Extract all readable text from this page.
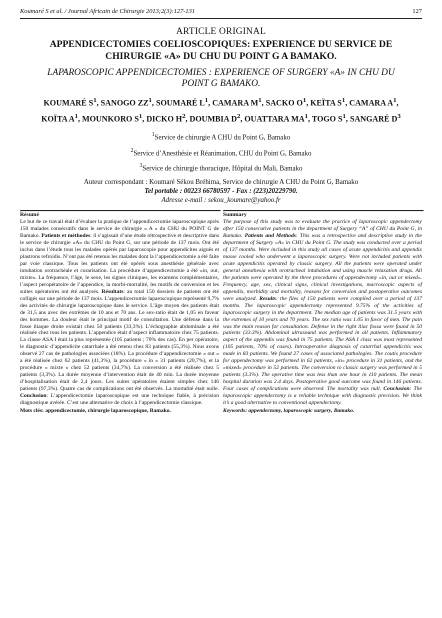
Koumaré S et al. / Journal Africain de Chirurgie 2013;2(3):127-131	127
ARTICLE ORIGINAL
APPENDICECTOMIES COELIOSCOPIQUES: EXPERIENCE DU SERVICE DE CHIRURGIE «A» DU CHU DU POINT G A BAMAKO.
LAPAROSCOPIC APPENDICECTOMIES : EXPERIENCE OF SURGERY «A» IN CHU DU POINT G BAMAKO.
KOUMARÉ $S^1$, SANOGO $ZZ^1$, SOUMARÉ $L^1$, CAMARA $M^1$, SACKO $O^1$, KEÏTA $S^1$, CAMARA $A^1$, KOÏTA $A^1$, MOUNKORO $S^1$, DICKO $H^2$, DOUMBIA $D^2$, OUATTARA $MA^1$, TOGO $S^1$, SANGARÉ $D^3$
$^1$Service de chirurgie A CHU du Point G, Bamako
$^2$Service d’Anesthésie et Réanimation, CHU du Point G, Bamako
$^3$Service de chirurgie thoracique, Hôpital du Mali, Bamako
Auteur correspondant : Koumaré Sékou Bréhima, Service de chirurgie A CHU du Point G, Bamako
Tel portable : 00223 66780597 - Fax : (223)20229790.
Adresse e-mail : sekou_koumare@yahoo.fr
Résumé

Le but de ce travail était d’évaluer la pratique de l’appendicectomie laparoscopique après 150 malades consécutifs dans le service de chirurgie « A » du CHU du POINT G de Bamako. Patients et méthodes: il s’agissait d’une étude rétrospective et descriptive dans le service de chirurgie «A» du CHU du Point G, sur une période de 137 mois. Ont été inclus dans l’étude tous les malades opérés par laparoscopie pour appendicites aiguës et plastrons refroidis. N’ont pas été retenus les malades dont la l’appendicectomie a été faite par voie classique. Tous les patients ont été opérés sous anesthésie générale avec intubation orotrachéale et curarisation. La procédure d’appendicectomie a été «in, out, mixte». La fréquence, l’âge, le sexe, les signes cliniques, les examens complémentaires, l’aspect peropératoire de l’appendice, la morbi-mortalité, les motifs de conversion et les suites opératoires ont été analysés. Résultats: au total 150 dossiers de patients ont été colligés sur une période de 137 mois. L’appendicectomie laparoscopique représenté 9,7% des activités de chirurgie laparoscopique dans le service. L’âge moyen des patients était de 31,5 ans avec des extrêmes de 10 ans et 70 ans. Le sex-ratio était de 1,05 en faveur des hommes. La douleur était le principal motif de consultation. Une défense dans la fosse iliaque droite existait chez 50 patients (33,3%). L’échographie abdominale a été réalisée chez tous les patients. L’appendice était d’aspect inflammatoire chez 75 patients. La classe ASA I était la plus représentée (105 patients ; 70% des cas). En per opératoire, le diagnostic d’appendicite catarrhale a été retenu chez 83 patients (55,3%). Nous avons observé 27 cas de pathologies associées (18%). La procédure d’appendicectomie « out » a été réalisée chez 62 patients (41,3%), la procédure « in » 31 patients (20,7%), et la procédure « mixte » chez 52 patients (34,7%). La conversion a été réalisée chez 5 patients (3,3%). La durée moyenne d’intervention était de 40 min. La durée moyenne d’hospitalisation était de 2,4 jours. Les suites opératoires étaient simples chez 146 patients (97,3%). Quatre cas de complications ont été observés. La mortalité était nulle. Conclusion: L’appendicectomie laparoscopique est une technique fiable, à précision diagnostique avérée. C’est une alternative de choix à l’appendicectomie classique.

Mots clés: appendicectomie, chirurgie laparoscopique, Bamako.

Summary

The purpose of this study was to evaluate the practice of laparoscopic appendectomy after 150 consecutive patients in the department of Surgery “A” of CHU du Point G, in Bamako. Patients and Methods: This was a retrospective and descriptive study in the department of Surgery «A» in CHU du Point G. The study was conducted over a period of 137 months. Were included in this study all cases of acute appendicitis and appendix masse cooled who underwent a laparoscopic surgery. Were not included patients with acute appendicitis operated by classic surgery. All the patients were operated under general anesthesia with orotracheal intubation and using muscle relaxation drugs. All the patients were operated by the three procedures of appendectomy «in, out or mixed». Frequency, age, sex, clinical signs, clinical investigations, macroscopic aspects of appendix, morbidity and mortality, reasons for conversion and postoperative outcomes were analyzed. Results: the files of 150 patients were compiled over a period of 137 months. The laparoscopic appendectomy represented 9.75% of the activities of laparoscopic surgery in the department. The median age of patients was 31.5 years with the extremes of 10 years and 70 years. The sex ratio was 1.05 in favor of men. The pain was the main reason for consultation. Defense in the right iliac fossa were found in 50 patients (33.3%). Abdominal ultrasound was performed in all patients. Inflammatory aspect of the appendix was found in 75 patients. The ASA I class was most represented (105 patients, 70% of cases). Intraoperative diagnosis of catarrhal appendicitis was made in 83 patients. We found 27 cases of associated pathologies. The coutis procedure for appendectomy was performed in 62 patients, «in» procedure in 31 patients, and the «mixed» procedure in 52 patients. The conversion to classic surgery was performed in 5 patients (3.3%). The operative time was less than one hour in 110 patients. The mean hospital duration was 2.4 days. Postoperative good outcome was found in 146 patients. Four cases of complications were observed. The mortality was null. Conclusion: The laparoscopic appendectomy is a reliable technique with diagnostic precision. We think it’s a good alternative to conventional appendectomy.

Keywords: appendectomy, laparoscopic surgery, Bamako.
